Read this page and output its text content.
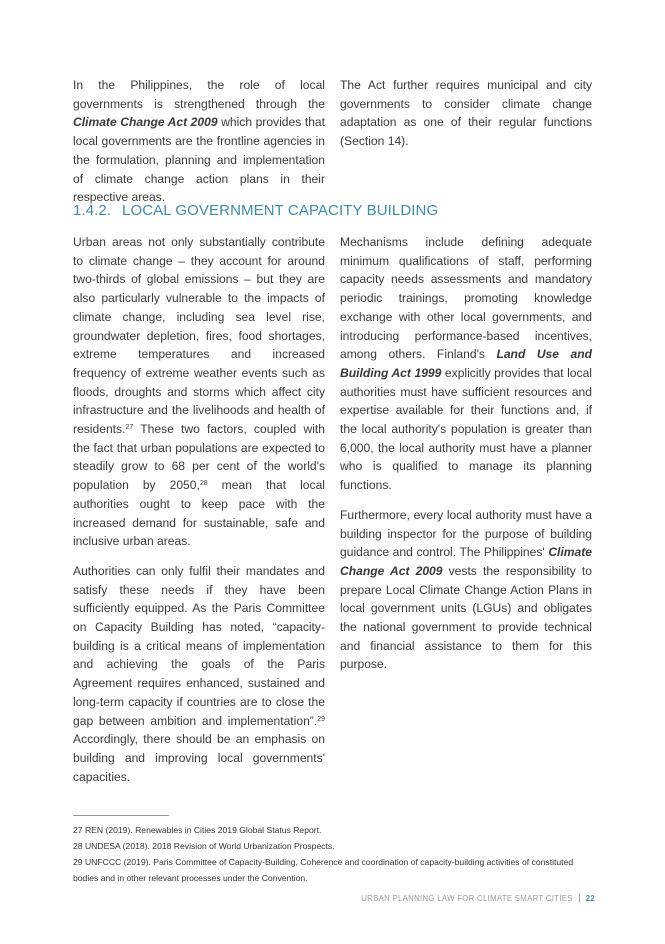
In the Philippines, the role of local governments is strengthened through the Climate Change Act 2009 which provides that local governments are the frontline agencies in the formulation, planning and implementation of climate change action plans in their respective areas.

The Act further requires municipal and city governments to consider climate change adaptation as one of their regular functions (Section 14).

1.4.2. LOCAL GOVERNMENT CAPACITY BUILDING

Urban areas not only substantially contribute to climate change – they account for around two-thirds of global emissions – but they are also particularly vulnerable to the impacts of climate change, including sea level rise, groundwater depletion, fires, food shortages, extreme temperatures and increased frequency of extreme weather events such as floods, droughts and storms which affect city infrastructure and the livelihoods and health of residents.$^{27}$ These two factors, coupled with the fact that urban populations are expected to steadily grow to 68 per cent of the world's population by 2050,28 mean that local authorities ought to keep pace with the increased demand for sustainable, safe and inclusive urban areas.

Authorities can only fulfil their mandates and satisfy these needs if they have been sufficiently equipped. As the Paris Committee on Capacity Building has noted, “capacity-building is a critical means of implementation and achieving the goals of the Paris Agreement requires enhanced, sustained and long-term capacity if countries are to close the gap between ambition and implementation”.$^{29}$ Accordingly, there should be an emphasis on building and improving local governments' capacities.

Mechanisms include defining adequate minimum qualifications of staff, performing capacity needs assessments and mandatory periodic trainings, promoting knowledge exchange with other local governments, and introducing performance-based incentives, among others. Finland's Land Use and Building Act 1999 explicitly provides that local authorities must have sufficient resources and expertise available for their functions and, if the local authority's population is greater than 6,000, the local authority must have a planner who is qualified to manage its planning functions.

Furthermore, every local authority must have a building inspector for the purpose of building guidance and control. The Philippines' Climate Change Act 2009 vests the responsibility to prepare Local Climate Change Action Plans in local government units (LGUs) and obligates the national government to provide technical and financial assistance to them for this purpose.

27 REN (2019). Renewables in Cities 2019 Global Status Report.
28 UNDESA (2018). 2018 Revision of World Urbanization Prospects.
29 UNFCCC (2019). Paris Committee of Capacity-Building, Coherence and coordination of capacity-building activities of constituted bodies and in other relevant processes under the Convention.
URBAN PLANNING LAW FOR CLIMATE SMART CITIES 22
